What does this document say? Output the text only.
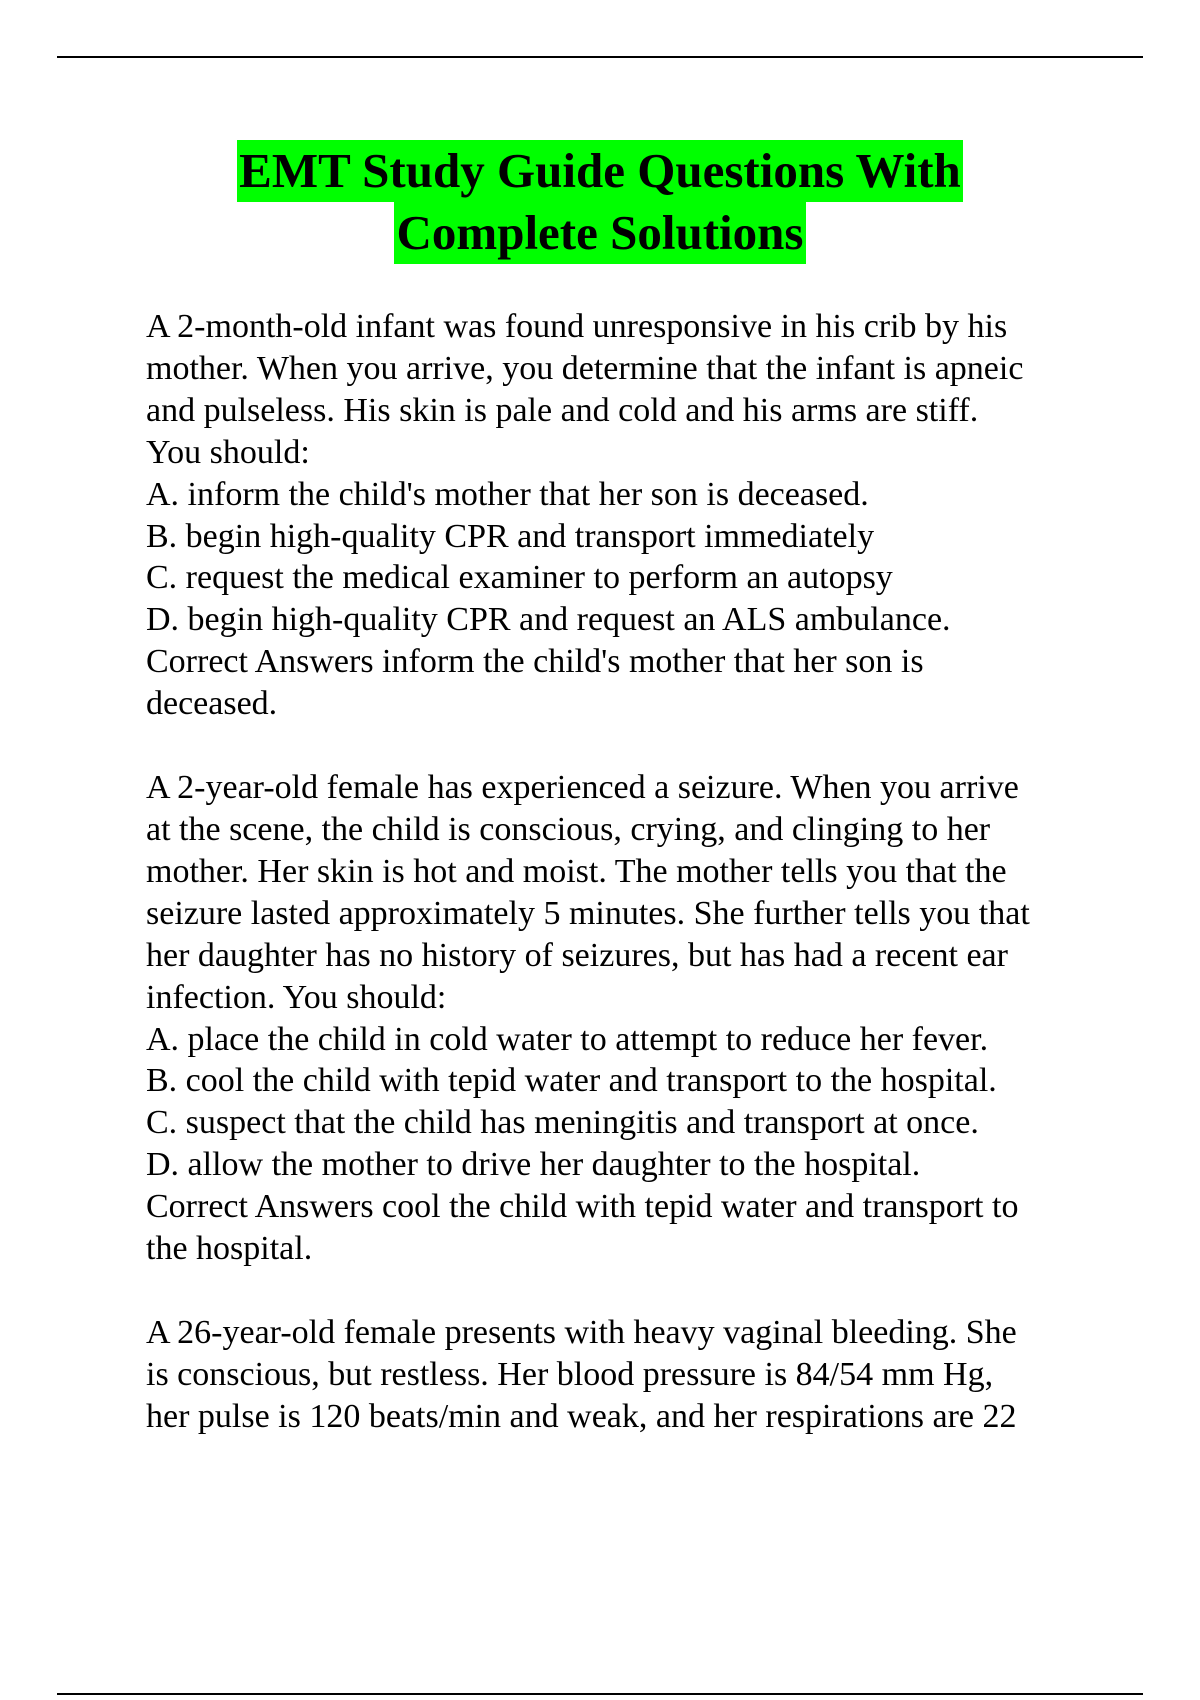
EMT Study Guide Questions With
Complete Solutions
A 2-month-old infant was found unresponsive in his crib by his
mother. When you arrive, you determine that the infant is apneic
and pulseless. His skin is pale and cold and his arms are stiff.
You should:
A. inform the child's mother that her son is deceased.
B. begin high-quality CPR and transport immediately
C. request the medical examiner to perform an autopsy
D. begin high-quality CPR and request an ALS ambulance.
Correct Answers inform the child's mother that her son is
deceased.
A 2-year-old female has experienced a seizure. When you arrive
at the scene, the child is conscious, crying, and clinging to her
mother. Her skin is hot and moist. The mother tells you that the
seizure lasted approximately 5 minutes. She further tells you that
her daughter has no history of seizures, but has had a recent ear
infection. You should:
A. place the child in cold water to attempt to reduce her fever.
B. cool the child with tepid water and transport to the hospital.
C. suspect that the child has meningitis and transport at once.
D. allow the mother to drive her daughter to the hospital.
Correct Answers cool the child with tepid water and transport to
the hospital.
A 26-year-old female presents with heavy vaginal bleeding. She
is conscious, but restless. Her blood pressure is 84/54 mm Hg,
her pulse is 120 beats/min and weak, and her respirations are 22
